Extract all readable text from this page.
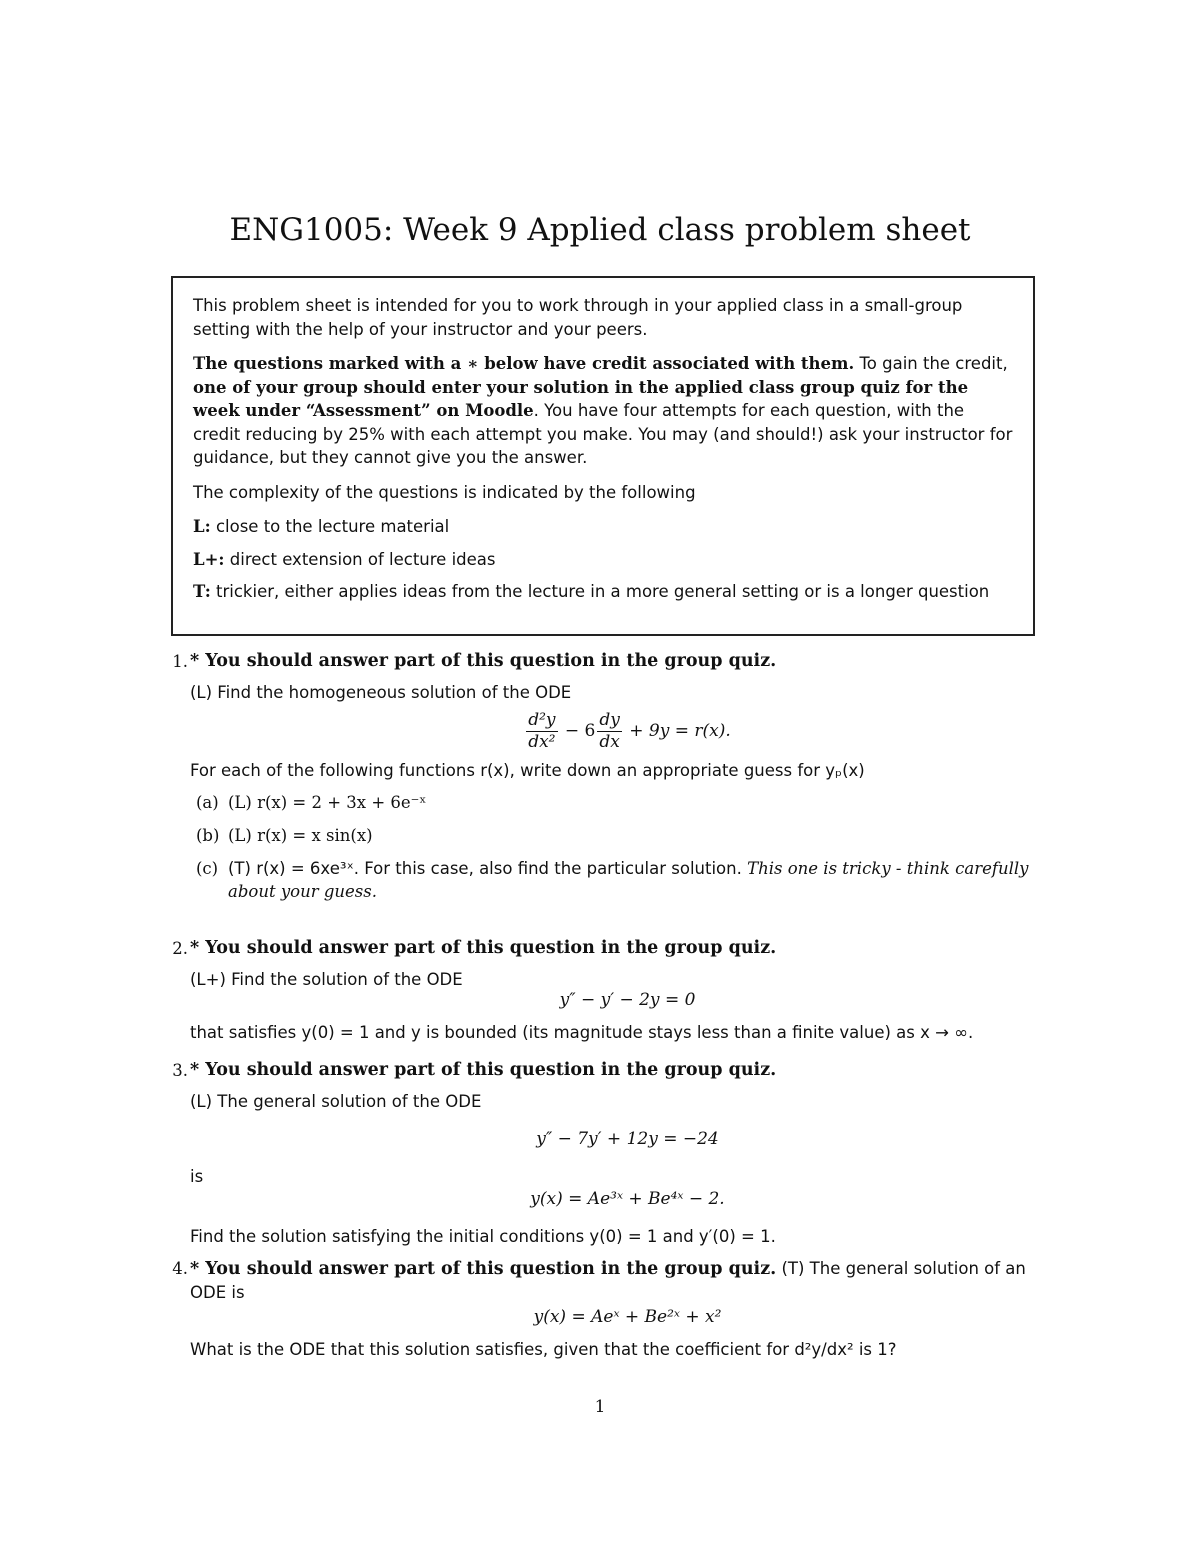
ENG1005: Week 9 Applied class problem sheet

This problem sheet is intended for you to work through in your applied class in a small-group setting with the help of your instructor and your peers.

The questions marked with a ∗ below have credit associated with them. To gain the credit, one of your group should enter your solution in the applied class group quiz for the week under “Assessment” on Moodle. You have four attempts for each question, with the credit reducing by 25% with each attempt you make. You may (and should!) ask your instructor for guidance, but they cannot give you the answer.

The complexity of the questions is indicated by the following

L: close to the lecture material

L+: direct extension of lecture ideas

T: trickier, either applies ideas from the lecture in a more general setting or is a longer question

1. * You should answer part of this question in the group quiz.
(L) Find the homogeneous solution of the ODE
$\frac{\text{d²y}}{\text{dx²}} - 6 \frac{dy}{dx} + 9y = r(x)$.
For each of the following functions r(x), write down an appropriate guess for yₚ(x)
(a) (L) r(x) = 2 + 3x + 6e⁻ˣ
(b) (L) r(x) = x sin(x)
(c) (T) r(x) = 6xe³ˣ. For this case, also find the particular solution. This one is tricky - think carefully about your guess.
2. * You should answer part of this question in the group quiz.
(L+) Find the solution of the ODE
y″ − y′ − 2y = 0
that satisfies y(0) = 1 and y is bounded (its magnitude stays less than a finite value) as x → ∞.
3. * You should answer part of this question in the group quiz.
(L) The general solution of the ODE
y″ − 7y′ + 12y = −24
is
y(x) = Ae³ˣ + Be⁴ˣ − 2.
Find the solution satisfying the initial conditions y(0) = 1 and y′(0) = 1.
4. * You should answer part of this question in the group quiz. (T) The general solution of an ODE is
y(x) = Aeˣ + Be²ˣ + x²
What is the ODE that this solution satisfies, given that the coefficient for d²y/dx² is 1?
1
